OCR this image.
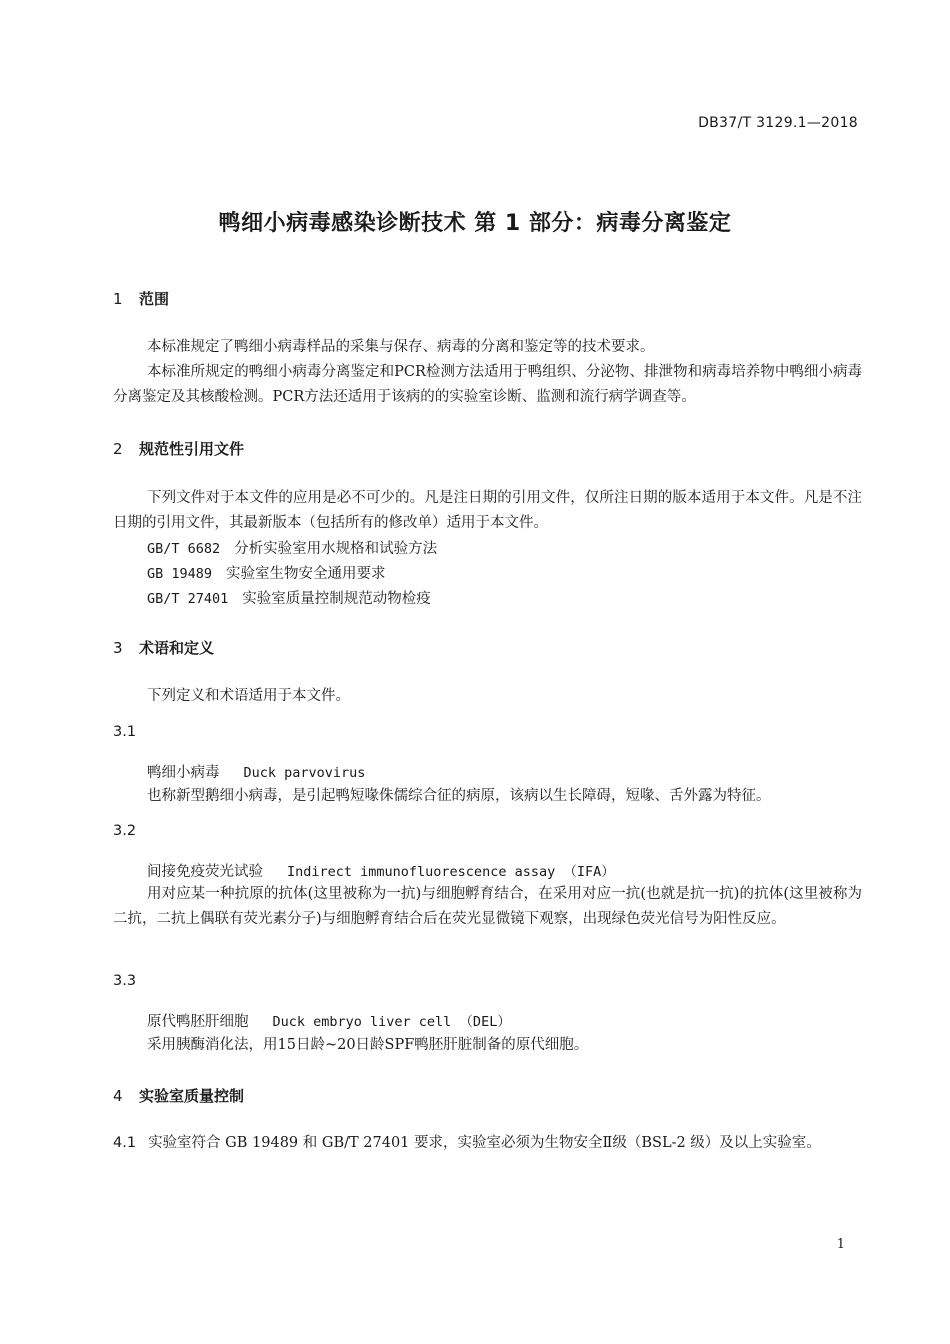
DB37/T 3129.1—2018
鸭细小病毒感染诊断技术 第 1 部分：病毒分离鉴定
1 范围

本标准规定了鸭细小病毒样品的采集与保存、病毒的分离和鉴定等的技术要求。

本标准所规定的鸭细小病毒分离鉴定和PCR检测方法适用于鸭组织、分泌物、排泄物和病毒培养物中鸭细小病毒分离鉴定及其核酸检测。PCR方法还适用于该病的的实验室诊断、监测和流行病学调查等。

2 规范性引用文件

下列文件对于本文件的应用是必不可少的。凡是注日期的引用文件，仅所注日期的版本适用于本文件。凡是不注日期的引用文件，其最新版本（包括所有的修改单）适用于本文件。

GB/T 6682 分析实验室用水规格和试验方法
GB 19489 实验室生物安全通用要求
GB/T 27401 实验室质量控制规范动物检疫
3 术语和定义

下列定义和术语适用于本文件。

3.1
鸭细小病毒 Duck parvovirus

也称新型鹅细小病毒，是引起鸭短喙侏儒综合征的病原，该病以生长障碍，短喙、舌外露为特征。

3.2
间接免疫荧光试验 Indirect immunofluorescence assay （IFA）

用对应某一种抗原的抗体(这里被称为一抗)与细胞孵育结合，在采用对应一抗(也就是抗一抗)的抗体(这里被称为二抗，二抗上偶联有荧光素分子)与细胞孵育结合后在荧光显微镜下观察，出现绿色荧光信号为阳性反应。

3.3
原代鸭胚肝细胞 Duck embryo liver cell （DEL）

采用胰酶消化法，用15日龄~20日龄SPF鸭胚肝脏制备的原代细胞。

4 实验室质量控制

4.1 实验室符合 GB 19489 和 GB/T 27401 要求，实验室必须为生物安全Ⅱ级（BSL-2 级）及以上实验室。

1
